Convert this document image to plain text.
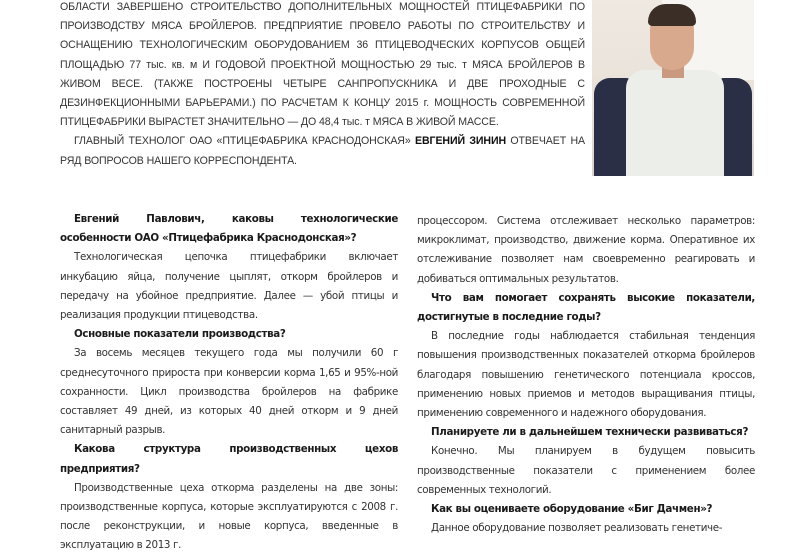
ОБЛАСТИ ЗАВЕРШЕНО СТРОИТЕЛЬСТВО ДОПОЛНИТЕЛЬНЫХ МОЩНОСТЕЙ ПТИЦЕФАБРИКИ ПО ПРОИЗВОДСТВУ МЯСА БРОЙЛЕРОВ. ПРЕДПРИЯТИЕ ПРОВЕЛО РАБОТЫ ПО СТРОИТЕЛЬСТВУ И ОСНАЩЕНИЮ ТЕХНОЛОГИЧЕСКИМ ОБОРУДОВАНИЕМ 36 ПТИЦЕВОДЧЕСКИХ КОРПУСОВ ОБЩЕЙ ПЛОЩАДЬЮ 77 тыс. кв. м И ГОДОВОЙ ПРОЕКТНОЙ МОЩНОСТЬЮ 29 тыс. т МЯСА БРОЙЛЕРОВ В ЖИВОМ ВЕСЕ. (ТАКЖЕ ПОСТРОЕНЫ ЧЕТЫРЕ САНПРОПУСКНИКА И ДВЕ ПРОХОДНЫЕ С ДЕЗИНФЕКЦИОННЫМИ БАРЬЕРАМИ.) ПО РАСЧЕТАМ К КОНЦУ 2015 г. МОЩНОСТЬ СОВРЕМЕННОЙ ПТИЦЕФАБРИКИ ВЫРАСТЕТ ЗНАЧИТЕЛЬНО — ДО 48,4 тыс. т МЯСА В ЖИВОЙ МАССЕ.

ГЛАВНЫЙ ТЕХНОЛОГ ОАО «ПТИЦЕФАБРИКА КРАСНОДОНСКАЯ» ЕВГЕНИЙ ЗИНИН ОТВЕЧАЕТ НА РЯД ВОПРОСОВ НАШЕГО КОРРЕСПОНДЕНТА.

Евгений Павлович, каковы технологические особенности ОАО «Птицефабрика Краснодонская»?

Технологическая цепочка птицефабрики включает инкубацию яйца, получение цыплят, откорм бройлеров и передачу на убойное предприятие. Далее — убой птицы и реализация продукции птицеводства.

Основные показатели производства?

За восемь месяцев текущего года мы получили 60 г среднесуточного прироста при конверсии корма 1,65 и 95%-ной сохранности. Цикл производства бройлеров на фабрике составляет 49 дней, из которых 40 дней откорм и 9 дней санитарный разрыв.

Какова структура производственных цехов предприятия?

Производственные цеха откорма разделены на две зоны: производственные корпуса, которые эксплуатируются с 2008 г. после реконструкции, и новые корпуса, введенные в эксплуатацию в 2013 г.

процессором. Система отслеживает несколько параметров: микроклимат, производство, движение корма. Оперативное их отслеживание позволяет нам своевременно реагировать и добиваться оптимальных результатов.

Что вам помогает сохранять высокие показатели, достигнутые в последние годы?

В последние годы наблюдается стабильная тенденция повышения производственных показателей откорма бройлеров благодаря повышению генетического потенциала кроссов, применению новых приемов и методов выращивания птицы, применению современного и надежного оборудования.

Планируете ли в дальнейшем технически развиваться?

Конечно. Мы планируем в будущем повысить производственные показатели с применением более современных технологий.

Как вы оцениваете оборудование «Биг Дачмен»?

Данное оборудование позволяет реализовать генетиче-
